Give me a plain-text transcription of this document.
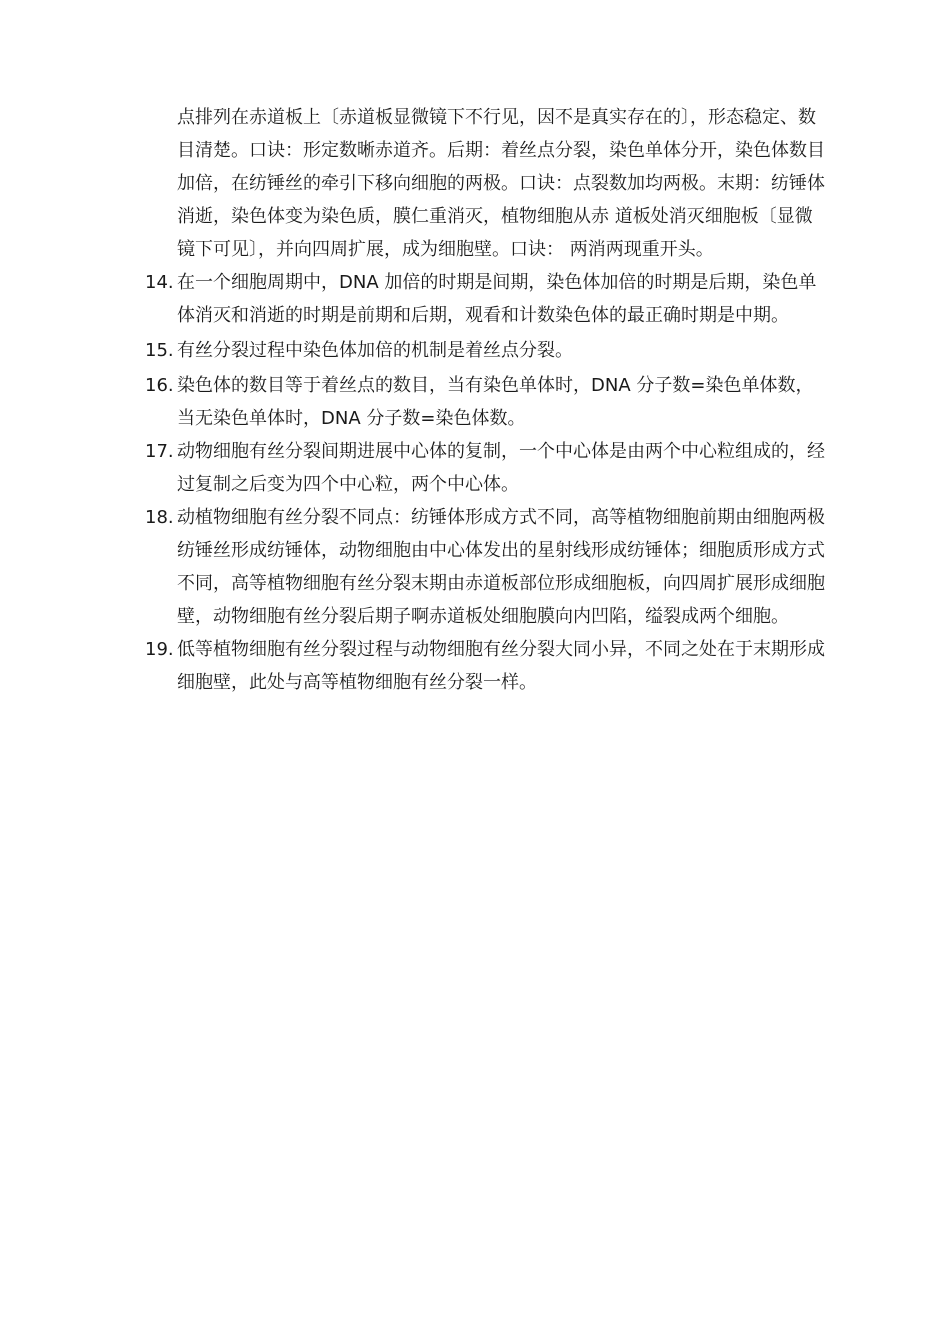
点排列在赤道板上〔赤道板显微镜下不行见，因不是真实存在的〕，形态稳定、数目清楚。口诀：形定数晰赤道齐。后期：着丝点分裂，染色单体分开，染色体数目加倍，在纺锤丝的牵引下移向细胞的两极。口诀：点裂数加均两极。末期：纺锤体消逝，染色体变为染色质，膜仁重消灭，植物细胞从赤 道板处消灭细胞板〔显微镜下可见〕，并向四周扩展，成为细胞壁。口诀： 两消两现重开头。
14. 在一个细胞周期中，DNA 加倍的时期是间期，染色体加倍的时期是后期，染色单体消灭和消逝的时期是前期和后期，观看和计数染色体的最正确时期是中期。
15. 有丝分裂过程中染色体加倍的机制是着丝点分裂。
16. 染色体的数目等于着丝点的数目，当有染色单体时，DNA 分子数=染色单体数，当无染色单体时，DNA 分子数=染色体数。
17. 动物细胞有丝分裂间期进展中心体的复制，一个中心体是由两个中心粒组成的，经过复制之后变为四个中心粒，两个中心体。
18. 动植物细胞有丝分裂不同点：纺锤体形成方式不同，高等植物细胞前期由细胞两极纺锤丝形成纺锤体，动物细胞由中心体发出的星射线形成纺锤体；细胞质形成方式不同，高等植物细胞有丝分裂末期由赤道板部位形成细胞板，向四周扩展形成细胞壁，动物细胞有丝分裂后期子啊赤道板处细胞膜向内凹陷，缢裂成两个细胞。
19. 低等植物细胞有丝分裂过程与动物细胞有丝分裂大同小异，不同之处在于末期形成细胞壁，此处与高等植物细胞有丝分裂一样。
